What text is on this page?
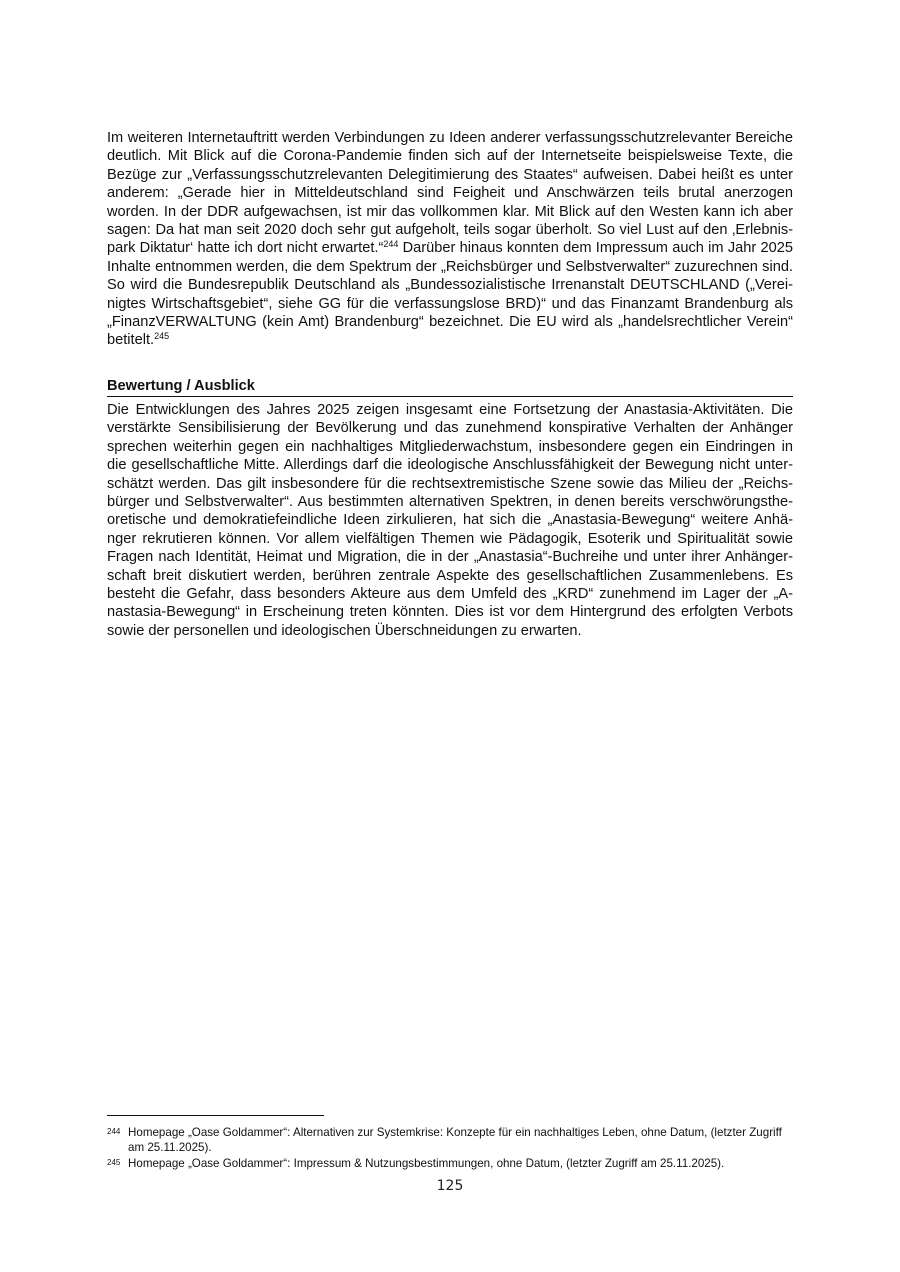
Im weiteren Internetauftritt werden Verbindungen zu Ideen anderer verfassungsschutzrelevanter Bereiche deutlich. Mit Blick auf die Corona-Pandemie finden sich auf der Internetseite beispielsweise Texte, die Bezüge zur „Verfassungsschutzrelevanten Delegitimierung des Staates“ aufweisen. Dabei heißt es unter anderem: „Gerade hier in Mitteldeutschland sind Feigheit und Anschwärzen teils brutal anerzogen worden. In der DDR aufgewachsen, ist mir das vollkommen klar. Mit Blick auf den Westen kann ich aber sagen: Da hat man seit 2020 doch sehr gut aufgeholt, teils sogar überholt. So viel Lust auf den ‚Erlebnispark Diktatur‘ hatte ich dort nicht erwartet.“$^{244}$ Darüber hinaus konnten dem Impressum auch im Jahr 2025 Inhalte entnommen werden, die dem Spektrum der „Reichsbürger und Selbstverwalter“ zuzurechnen sind. So wird die Bundesrepublik Deutschland als „Bundessozialistische Irrenanstalt DEUTSCHLAND („Vereinigtes Wirtschaftsgebiet“, siehe GG für die verfassungslose BRD)“ und das Finanzamt Brandenburg als „FinanzVERWALTUNG (kein Amt) Brandenburg“ bezeichnet. Die EU wird als „handelsrechtlicher Verein“ betitelt.$^{245}$

Bewertung / Ausblick

Die Entwicklungen des Jahres 2025 zeigen insgesamt eine Fortsetzung der Anastasia-Aktivitäten. Die verstärkte Sensibilisierung der Bevölkerung und das zunehmend konspirative Verhalten der Anhänger sprechen weiterhin gegen ein nachhaltiges Mitgliederwachstum, insbesondere gegen ein Eindringen in die gesellschaftliche Mitte. Allerdings darf die ideologische Anschlussfähigkeit der Bewegung nicht unterschätzt werden. Das gilt insbesondere für die rechtsextremistische Szene sowie das Milieu der „Reichsbürger und Selbstverwalter“. Aus bestimmten alternativen Spektren, in denen bereits verschwörungstheoretische und demokratiefeindliche Ideen zirkulieren, hat sich die „Anastasia-Bewegung“ weitere Anhänger rekrutieren können. Vor allem vielfältigen Themen wie Pädagogik, Esoterik und Spiritualität sowie Fragen nach Identität, Heimat und Migration, die in der „Anastasia“-Buchreihe und unter ihrer Anhängerschaft breit diskutiert werden, berühren zentrale Aspekte des gesellschaftlichen Zusammenlebens. Es besteht die Gefahr, dass besonders Akteure aus dem Umfeld des „KRD“ zunehmend im Lager der „Anastasia-Bewegung“ in Erscheinung treten könnten. Dies ist vor dem Hintergrund des erfolgten Verbots sowie der personellen und ideologischen Überschneidungen zu erwarten.

244 Homepage „Oase Goldammer“: Alternativen zur Systemkrise: Konzepte für ein nachhaltiges Leben, ohne Datum, (letzter Zugriff am 25.11.2025).
245 Homepage „Oase Goldammer“: Impressum & Nutzungsbestimmungen, ohne Datum, (letzter Zugriff am 25.11.2025).
125
